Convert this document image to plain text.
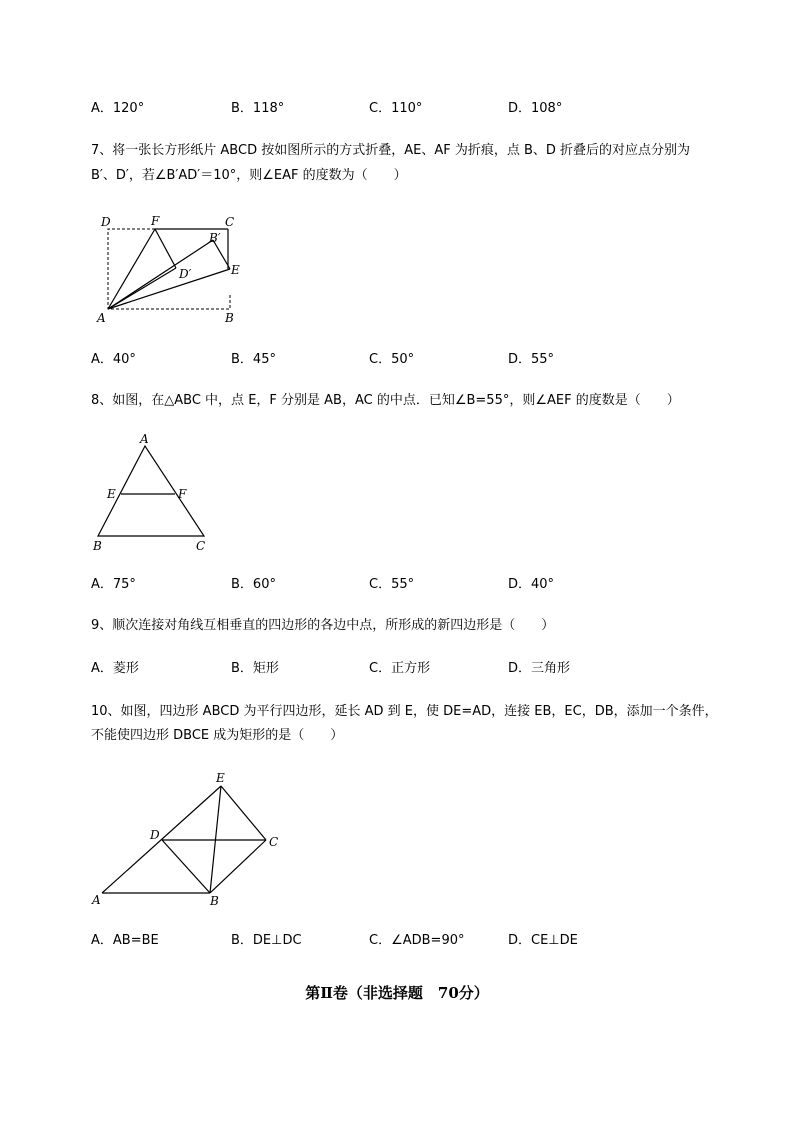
A．120°	B．118°	C．110°	D．108°
7、将一张长方形纸片 ABCD 按如图所示的方式折叠，AE、AF 为折痕，点 B、D 折叠后的对应点分别为
B′、D′，若∠B′AD′＝10°，则∠EAF 的度数为（　　）
D	F	C
B′
D′	E
A	B
A．40°	B．45°	C．50°	D．55°
8、如图，在△ABC 中，点 E，F 分别是 AB，AC 的中点．已知∠B=55°，则∠AEF 的度数是（　　）
A
E	F
B	C
A．75°	B．60°	C．55°	D．40°
9、顺次连接对角线互相垂直的四边形的各边中点，所形成的新四边形是（　　）
A．菱形	B．矩形	C．正方形	D．三角形
10、如图，四边形 ABCD 为平行四边形，延长 AD 到 E，使 DE=AD，连接 EB，EC，DB，添加一个条件，
不能使四边形 DBCE 成为矩形的是（　　）
E
D	C
A	B
A．AB=BE	B．DE⊥DC	C．∠ADB=90°	D．CE⊥DE
第Ⅱ卷（非选择题　70分）
